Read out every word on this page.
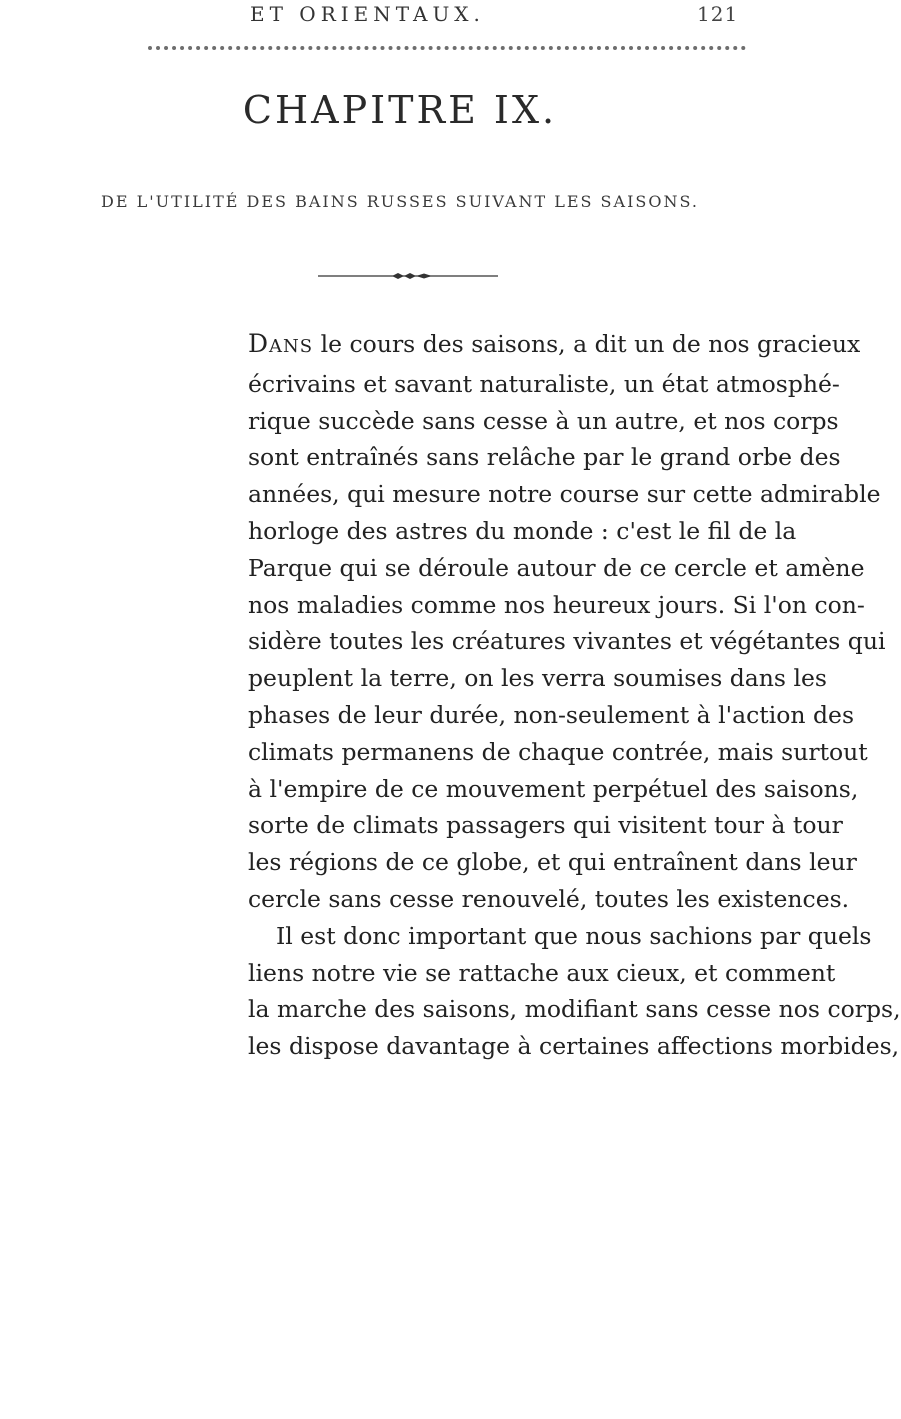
ET ORIENTAUX.	121
CHAPITRE IX.
DE L'UTILITÉ DES BAINS RUSSES SUIVANT LES SAISONS.
DANS le cours des saisons, a dit un de nos gracieux
écrivains et savant naturaliste, un état atmosphé-
rique succède sans cesse à un autre, et nos corps
sont entraînés sans relâche par le grand orbe des
années, qui mesure notre course sur cette admirable
horloge des astres du monde : c'est le fil de la
Parque qui se déroule autour de ce cercle et amène
nos maladies comme nos heureux jours. Si l'on con-
sidère toutes les créatures vivantes et végétantes qui
peuplent la terre, on les verra soumises dans les
phases de leur durée, non-seulement à l'action des
climats permanens de chaque contrée, mais surtout
à l'empire de ce mouvement perpétuel des saisons,
sorte de climats passagers qui visitent tour à tour
les régions de ce globe, et qui entraînent dans leur
cercle sans cesse renouvelé, toutes les existences.
Il est donc important que nous sachions par quels
liens notre vie se rattache aux cieux, et comment
la marche des saisons, modifiant sans cesse nos corps,
les dispose davantage à certaines affections morbides,
